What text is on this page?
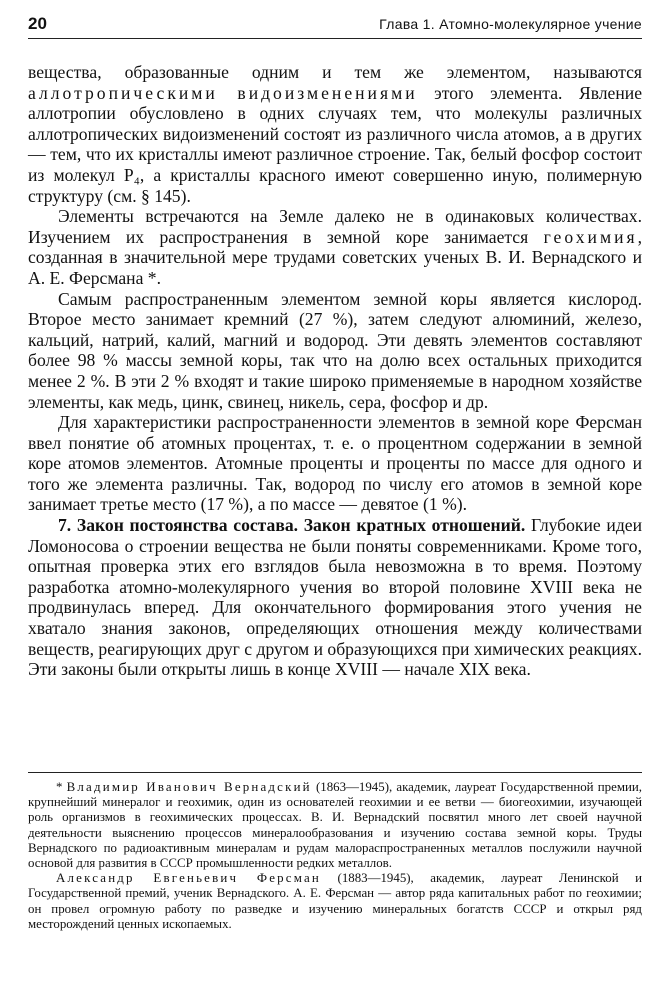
20	Глава 1. Атомно-молекулярное учение

вещества, образованные одним и тем же элементом, называются аллотропическими видоизменениями этого элемента. Явление аллотропии обусловлено в одних случаях тем, что молекулы различных аллотропических видоизменений состоят из различного числа атомов, а в других — тем, что их кристаллы имеют различное строение. Так, белый фосфор состоит из молекул P₄, а кристаллы красного имеют совершенно иную, полимерную структуру (см. § 145).

Элементы встречаются на Земле далеко не в одинаковых количествах. Изучением их распространения в земной коре занимается геохимия, созданная в значительной мере трудами советских ученых В. И. Вернадского и А. Е. Ферсмана *.

Самым распространенным элементом земной коры является кислород. Второе место занимает кремний (27 %), затем следуют алюминий, железо, кальций, натрий, калий, магний и водород. Эти девять элементов составляют более 98 % массы земной коры, так что на долю всех остальных приходится менее 2 %. В эти 2 % входят и такие широко применяемые в народном хозяйстве элементы, как медь, цинк, свинец, никель, сера, фосфор и др.

Для характеристики распространенности элементов в земной коре Ферсман ввел понятие об атомных процентах, т. е. о процентном содержании в земной коре атомов элементов. Атомные проценты и проценты по массе для одного и того же элемента различны. Так, водород по числу его атомов в земной коре занимает третье место (17 %), а по массе — девятое (1 %).

7. Закон постоянства состава. Закон кратных отношений. Глубокие идеи Ломоносова о строении вещества не были поняты современниками. Кроме того, опытная проверка этих его взглядов была невозможна в то время. Поэтому разработка атомно-молекулярного учения во второй половине XVIII века не продвинулась вперед. Для окончательного формирования этого учения не хватало знания законов, определяющих отношения между количествами веществ, реагирующих друг с другом и образующихся при химических реакциях. Эти законы были открыты лишь в конце XVIII — начале XIX века.

* Владимир Иванович Вернадский (1863—1945), академик, лауреат Государственной премии, крупнейший минералог и геохимик, один из основателей геохимии и ее ветви — биогеохимии, изучающей роль организмов в геохимических процессах. В. И. Вернадский посвятил много лет своей научной деятельности выяснению процессов минералообразования и изучению состава земной коры. Труды Вернадского по радиоактивным минералам и рудам малораспространенных металлов послужили научной основой для развития в СССР промышленности редких металлов.

Александр Евгеньевич Ферсман (1883—1945), академик, лауреат Ленинской и Государственной премий, ученик Вернадского. А. Е. Ферсман — автор ряда капитальных работ по геохимии; он провел огромную работу по разведке и изучению минеральных богатств СССР и открыл ряд месторождений ценных ископаемых.
